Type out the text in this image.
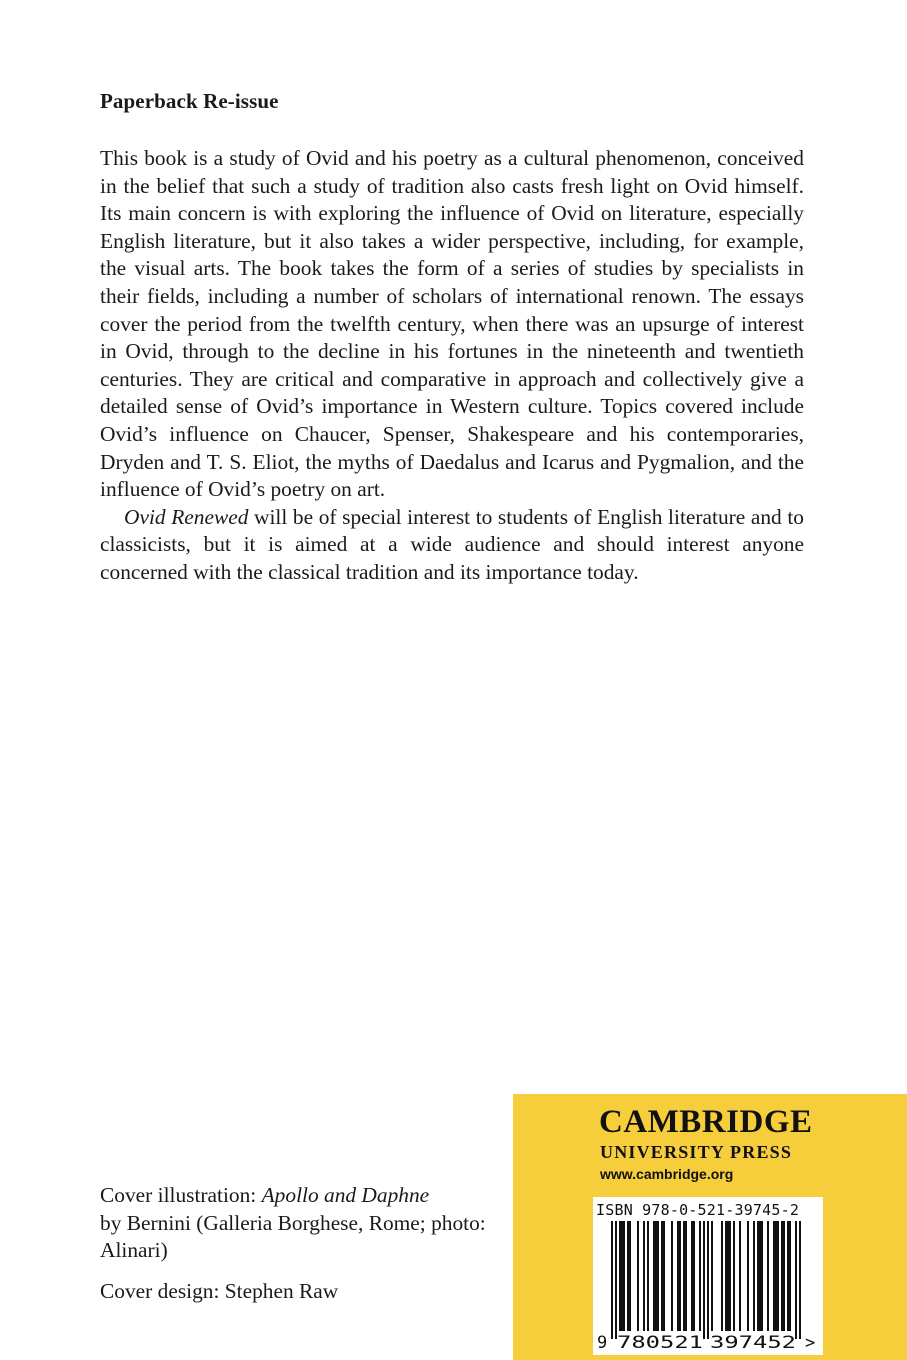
Paperback Re-issue

This book is a study of Ovid and his poetry as a cultural phenomenon, conceived in the belief that such a study of tradition also casts fresh light on Ovid himself. Its main concern is with exploring the influence of Ovid on literature, especially English literature, but it also takes a wider perspective, including, for example, the visual arts. The book takes the form of a series of studies by specialists in their fields, including a number of scholars of international renown. The essays cover the period from the twelfth century, when there was an upsurge of interest in Ovid, through to the decline in his fortunes in the nineteenth and twentieth centuries. They are critical and comparative in approach and collectively give a detailed sense of Ovid’s importance in Western culture. Topics covered include Ovid’s influence on Chaucer, Spenser, Shakespeare and his contemporaries, Dryden and T. S. Eliot, the myths of Daedalus and Icarus and Pygmalion, and the influence of Ovid’s poetry on art.

Ovid Renewed will be of special interest to students of English literature and to classicists, but it is aimed at a wide audience and should interest anyone concerned with the classical tradition and its importance today.

Cover illustration: Apollo and Daphne
by Bernini (Galleria Borghese, Rome; photo: Alinari)

Cover design: Stephen Raw

CAMBRIDGE

UNIVERSITY PRESS

www.cambridge.org

9 780521 397452 >

ISBN 978-0-521-39745-2
